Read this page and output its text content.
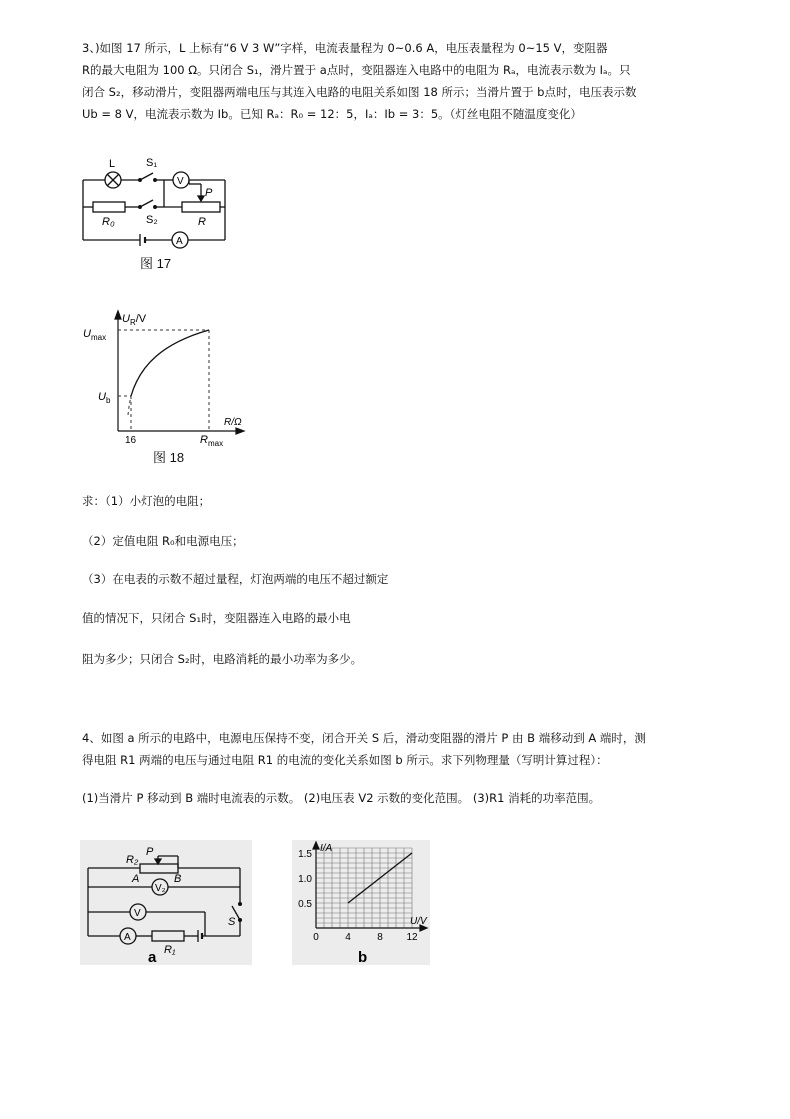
3、)如图 17 所示，L 上标有“6 V 3 W”字样，电流表量程为 0~0.6 A，电压表量程为 0~15 V，变阻器
R的最大电阻为 100 Ω。只闭合 S₁，滑片置于 a点时，变阻器连入电路中的电阻为 Rₐ，电流表示数为 Iₐ。只
闭合 S₂，移动滑片，变阻器两端电压与其连入电路的电阻关系如图 18 所示；当滑片置于 b点时，电压表示数
Ub = 8 V，电流表示数为 Ib。已知 Rₐ：R₀ = 12：5，Iₐ：Ib = 3：5。（灯丝电阻不随温度变化）
L	S₁
S₂
R₀	R
P
V
A
图 17
$U_R/V$
$U_{max}$
$U_b$
R/Ω
16	$R_{max}$
图 18
求：（1）小灯泡的电阻；
（2）定值电阻 R₀和电源电压；
（3）在电表的示数不超过量程，灯泡两端的电压不超过额定
值的情况下，只闭合 S₁时，变阻器连入电路的最小电
阻为多少；只闭合 S₂时，电路消耗的最小功率为多少。
4、如图 a 所示的电路中，电源电压保持不变，闭合开关 S 后，滑动变阻器的滑片 P 由 B 端移动到 A 端时，测
得电阻 R1 两端的电压与通过电阻 R1 的电流的变化关系如图 b 所示。求下列物理量（写明计算过程）：
(1)当滑片 P 移动到 B 端时电流表的示数。 (2)电压表 V2 示数的变化范围。 (3)R1 消耗的功率范围。
R₂
P
A	B
V₂
V
S
A
R₁
a
0.5
1.0
1.5
0	4	8 12
I/A
U/V
b
